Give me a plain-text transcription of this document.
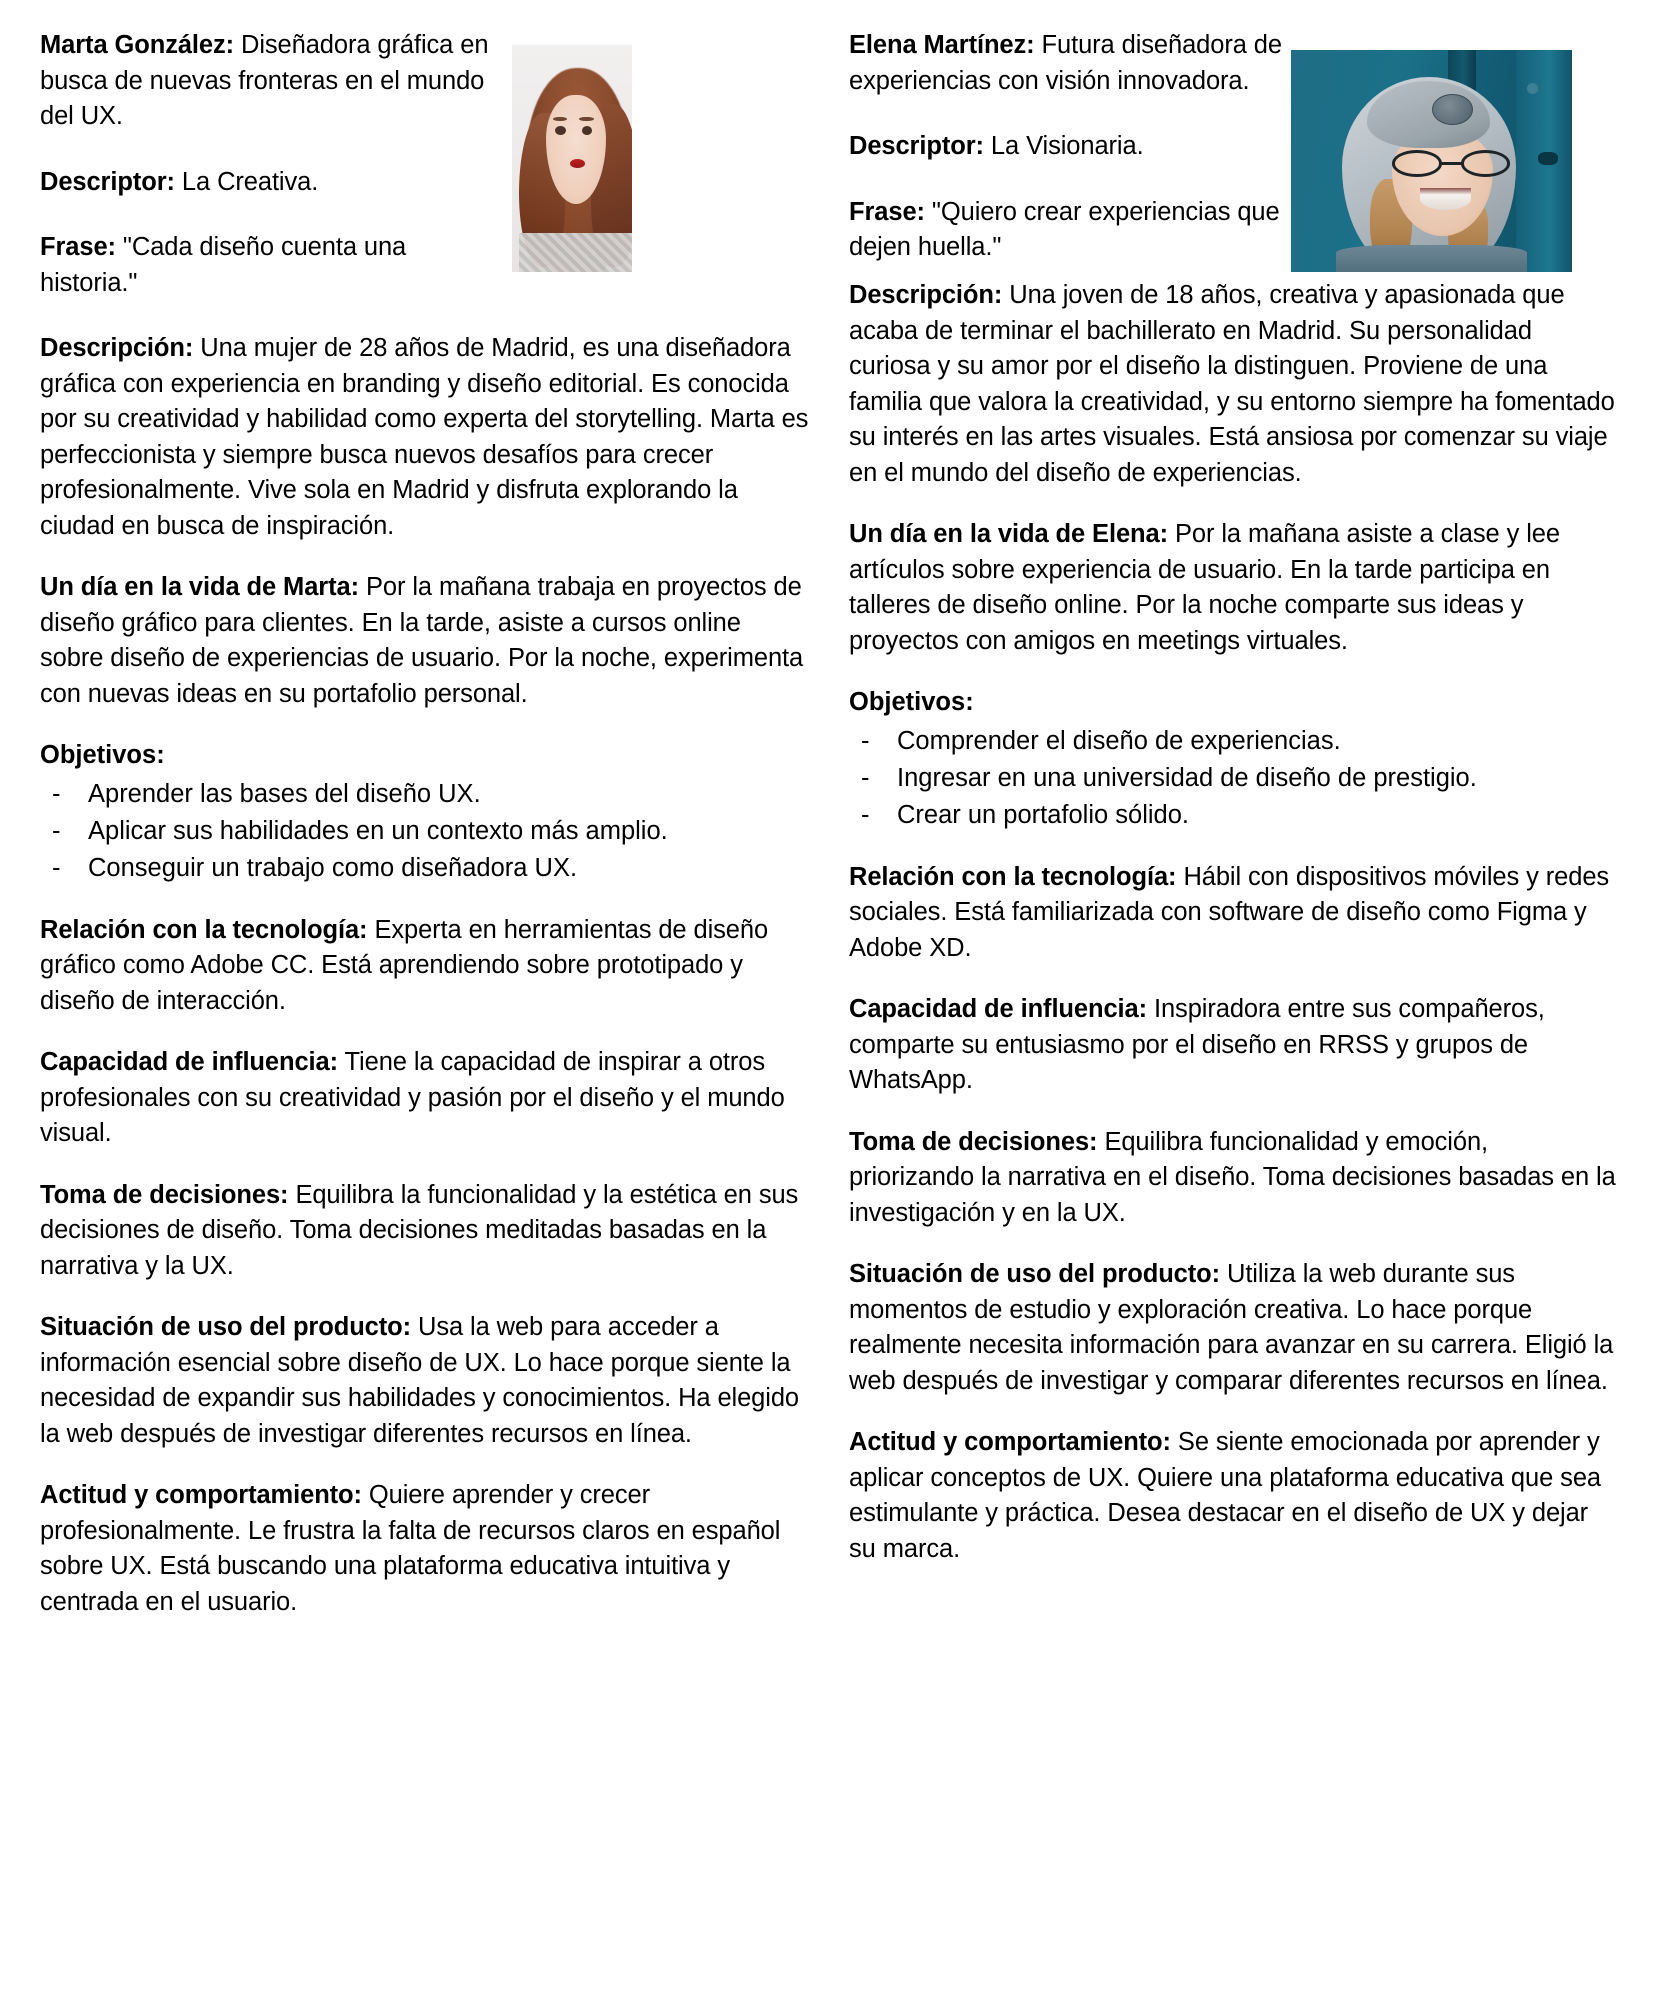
Marta González: Diseñadora gráfica en busca de nuevas fronteras en el mundo del UX.

Descriptor: La Creativa.

Frase: "Cada diseño cuenta una historia."

Descripción: Una mujer de 28 años de Madrid, es una diseñadora gráfica con experiencia en branding y diseño editorial. Es conocida por su creatividad y habilidad como experta del storytelling. Marta es perfeccionista y siempre busca nuevos desafíos para crecer profesionalmente. Vive sola en Madrid y disfruta explorando la ciudad en busca de inspiración.

Un día en la vida de Marta: Por la mañana trabaja en proyectos de diseño gráfico para clientes. En la tarde, asiste a cursos online sobre diseño de experiencias de usuario. Por la noche, experimenta con nuevas ideas en su portafolio personal.

Objetivos:

-	Aprender las bases del diseño UX.
-	Aplicar sus habilidades en un contexto más amplio.
-	Conseguir un trabajo como diseñadora UX.

Relación con la tecnología: Experta en herramientas de diseño gráfico como Adobe CC. Está aprendiendo sobre prototipado y diseño de interacción.

Capacidad de influencia: Tiene la capacidad de inspirar a otros profesionales con su creatividad y pasión por el diseño y el mundo visual.

Toma de decisiones: Equilibra la funcionalidad y la estética en sus decisiones de diseño. Toma decisiones meditadas basadas en la narrativa y la UX.

Situación de uso del producto: Usa la web para acceder a información esencial sobre diseño de UX. Lo hace porque siente la necesidad de expandir sus habilidades y conocimientos. Ha elegido la web después de investigar diferentes recursos en línea.

Actitud y comportamiento: Quiere aprender y crecer profesionalmente. Le frustra la falta de recursos claros en español sobre UX. Está buscando una plataforma educativa intuitiva y centrada en el usuario.

Elena Martínez: Futura diseñadora de experiencias con visión innovadora.

Descriptor: La Visionaria.

Frase: "Quiero crear experiencias que dejen huella."

Descripción: Una joven de 18 años, creativa y apasionada que acaba de terminar el bachillerato en Madrid. Su personalidad curiosa y su amor por el diseño la distinguen. Proviene de una familia que valora la creatividad, y su entorno siempre ha fomentado su interés en las artes visuales. Está ansiosa por comenzar su viaje en el mundo del diseño de experiencias.

Un día en la vida de Elena: Por la mañana asiste a clase y lee artículos sobre experiencia de usuario. En la tarde participa en talleres de diseño online. Por la noche comparte sus ideas y proyectos con amigos en meetings virtuales.

Objetivos:

-	Comprender el diseño de experiencias.
-	Ingresar en una universidad de diseño de prestigio.
-	Crear un portafolio sólido.

Relación con la tecnología: Hábil con dispositivos móviles y redes sociales. Está familiarizada con software de diseño como Figma y Adobe XD.

Capacidad de influencia: Inspiradora entre sus compañeros, comparte su entusiasmo por el diseño en RRSS y grupos de WhatsApp.

Toma de decisiones: Equilibra funcionalidad y emoción, priorizando la narrativa en el diseño. Toma decisiones basadas en la investigación y en la UX.

Situación de uso del producto: Utiliza la web durante sus momentos de estudio y exploración creativa. Lo hace porque realmente necesita información para avanzar en su carrera. Eligió la web después de investigar y comparar diferentes recursos en línea.

Actitud y comportamiento: Se siente emocionada por aprender y aplicar conceptos de UX. Quiere una plataforma educativa que sea estimulante y práctica. Desea destacar en el diseño de UX y dejar su marca.
